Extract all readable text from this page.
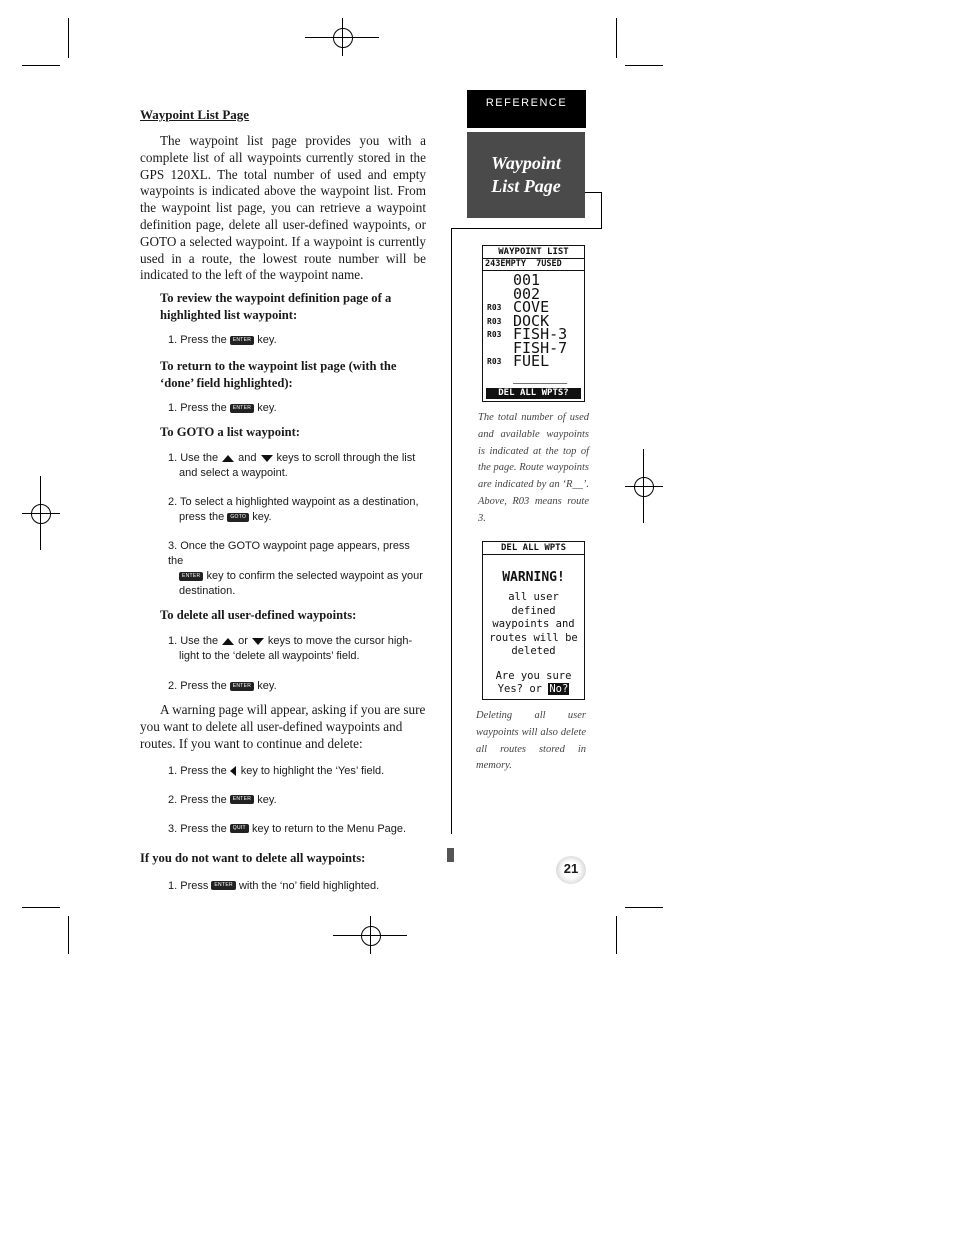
Waypoint List Page

The waypoint list page provides you with a complete list of all waypoints currently stored in the GPS 120XL. The total number of used and empty waypoints is indicated above the waypoint list. From the waypoint list page, you can retrieve a waypoint definition page, delete all user-defined waypoints, or GOTO a selected waypoint. If a waypoint is currently used in a route, the lowest route number will be indicated to the left of the waypoint name.

To review the waypoint definition page of a highlighted list waypoint:

1. Press the ENTER key.

To return to the waypoint list page (with the ‘done’ field highlighted):

1. Press the ENTER key.

To GOTO a list waypoint:

1. Use the and keys to scroll through the list
and select a waypoint.

2. To select a highlighted waypoint as a destination,
press the GOTO key.

3. Once the GOTO waypoint page appears, press the
ENTER key to confirm the selected waypoint as your
destination.

To delete all user-defined waypoints:

1. Use the or keys to move the cursor high-
light to the ‘delete all waypoints’ field.

2. Press the ENTER key.

A warning page will appear, asking if you are sure you want to delete all user-defined waypoints and routes. If you want to continue and delete:

1. Press the key to highlight the ‘Yes’ field.

2. Press the ENTER key.

3. Press the QUIT key to return to the Menu Page.

If you do not want to delete all waypoints:

1. Press ENTER with the ‘no’ field highlighted.

REFERENCE
Waypoint List Page
WAYPOINT LIST
243EMPTY  7USED
001
002
R03 COVE
R03 DOCK
R03 FISH-3
FISH-7
R03 FUEL
______
DEL ALL WPTS?
The total number of used and available waypoints is indicated at the top of the page. Route waypoints are indicated by an ‘R__’. Above, R03 means route 3.
DEL ALL WPTS
WARNING!
all user defined
waypoints and
routes will be
deleted
Are you sure
Yes? or No?
Deleting all user waypoints will also delete all routes stored in memory.
21
